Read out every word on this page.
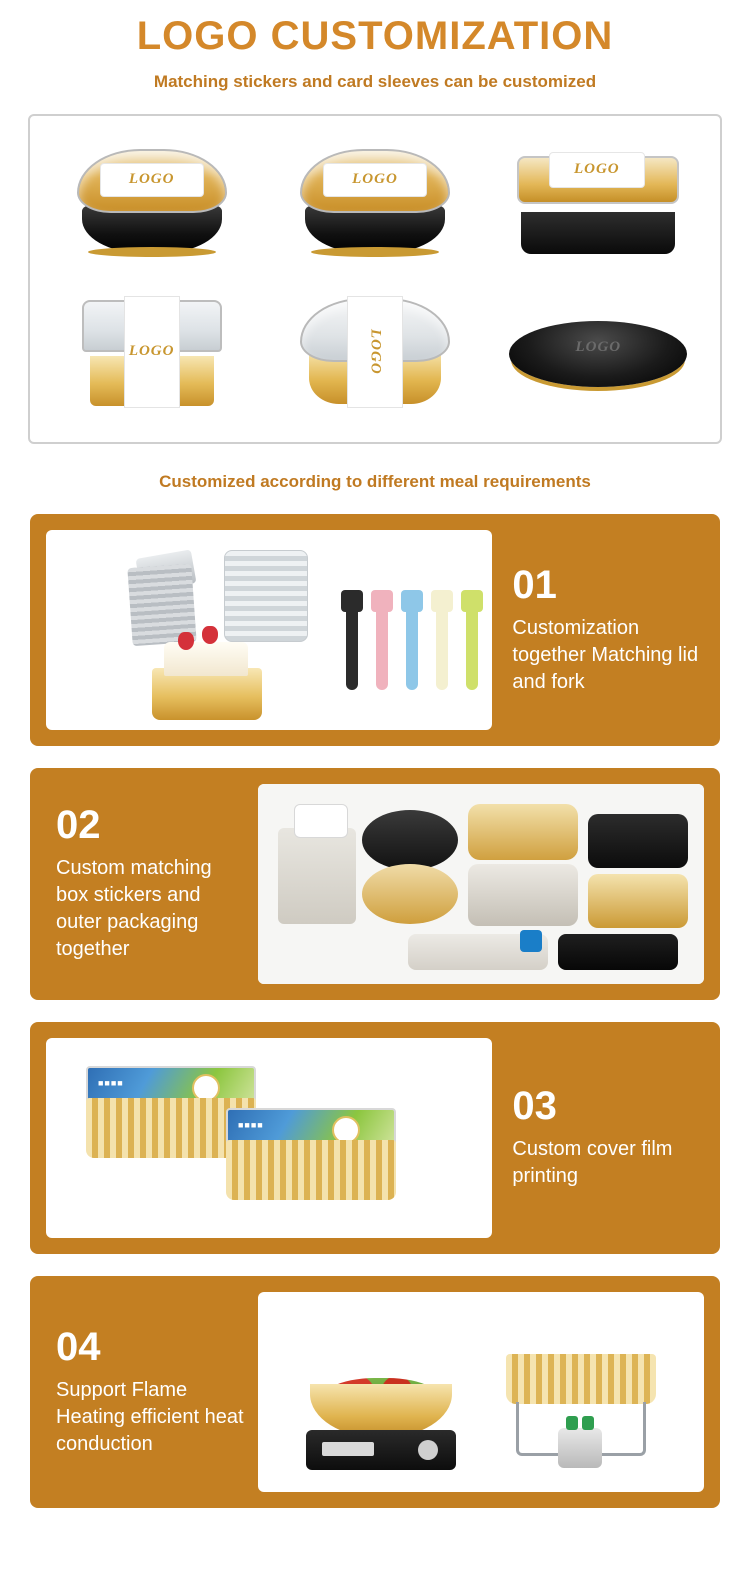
LOGO CUSTOMIZATION
Matching stickers and card sleeves can be customized
LOGO	LOGO
LOGO
LOGO	LOGO	LOGO
Customized according to different meal requirements
01
Customization together Matching lid and fork
02
Custom matching box stickers and outer packaging together
■■■■
■■■■	03
Custom cover film printing
04
Support Flame Heating efficient heat conduction
